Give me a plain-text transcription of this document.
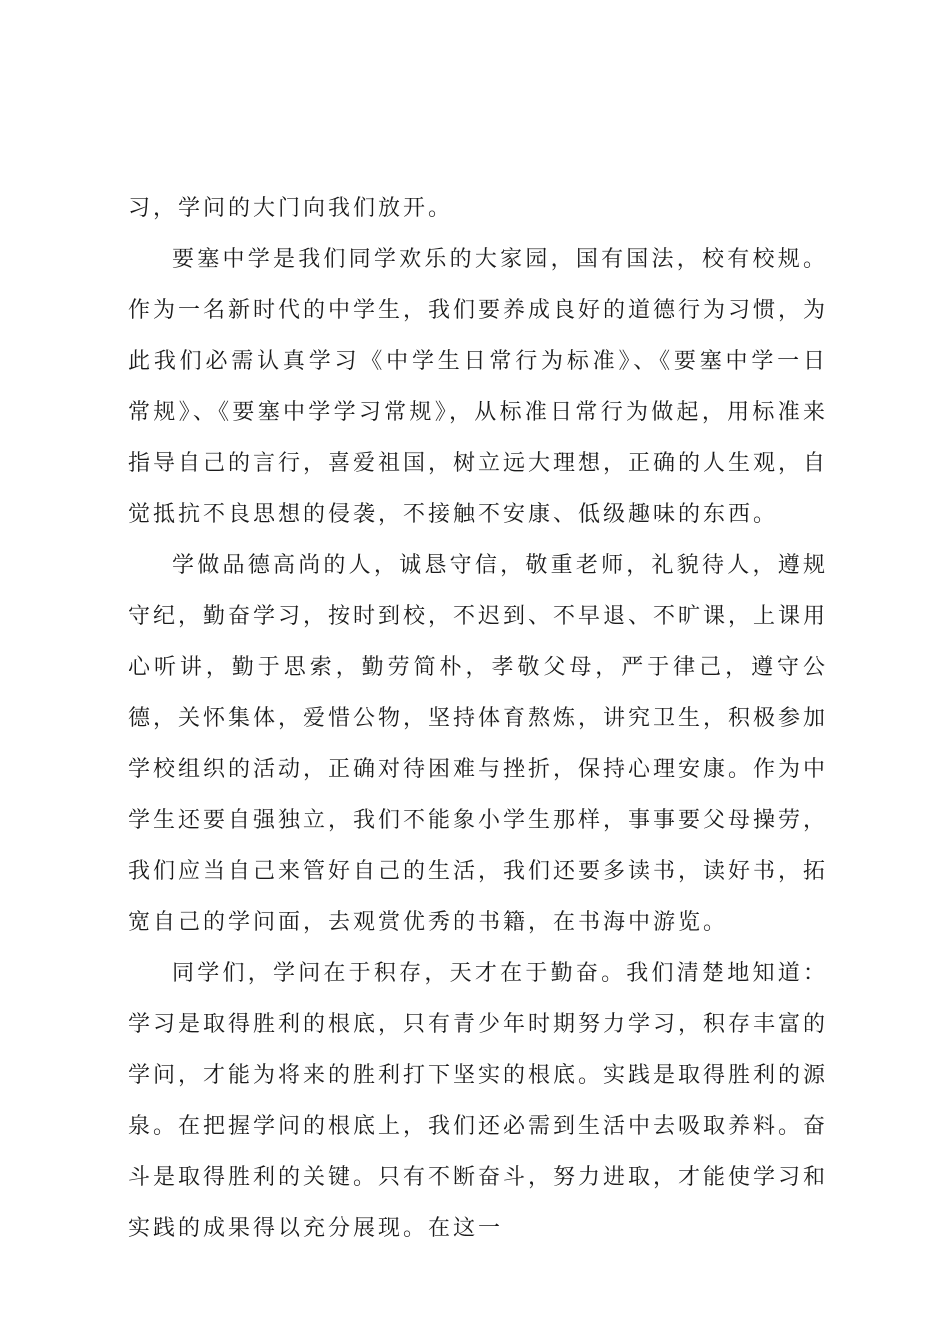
习，学问的大门向我们放开。

要塞中学是我们同学欢乐的大家园，国有国法，校有校规。作为一名新时代的中学生，我们要养成良好的道德行为习惯，为此我们必需认真学习《中学生日常行为标准》、《要塞中学一日常规》、《要塞中学学习常规》，从标准日常行为做起，用标准来指导自己的言行，喜爱祖国，树立远大理想，正确的人生观，自觉抵抗不良思想的侵袭，不接触不安康、低级趣味的东西。

学做品德高尚的人，诚恳守信，敬重老师，礼貌待人，遵规守纪，勤奋学习，按时到校，不迟到、不早退、不旷课，上课用心听讲，勤于思索，勤劳简朴，孝敬父母，严于律己，遵守公德，关怀集体，爱惜公物，坚持体育熬炼，讲究卫生，积极参加学校组织的活动，正确对待困难与挫折，保持心理安康。作为中学生还要自强独立，我们不能象小学生那样，事事要父母操劳，我们应当自己来管好自己的生活，我们还要多读书，读好书，拓宽自己的学问面，去观赏优秀的书籍，在书海中游览。

同学们，学问在于积存，天才在于勤奋。我们清楚地知道：学习是取得胜利的根底，只有青少年时期努力学习，积存丰富的学问，才能为将来的胜利打下坚实的根底。实践是取得胜利的源泉。在把握学问的根底上，我们还必需到生活中去吸取养料。奋斗是取得胜利的关键。只有不断奋斗，努力进取，才能使学习和实践的成果得以充分展现。在这一
